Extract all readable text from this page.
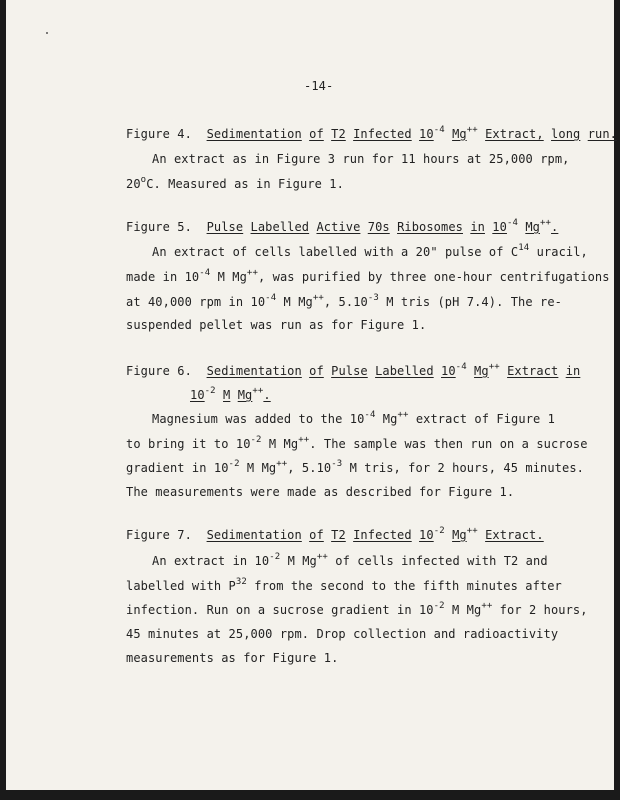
-14-
Figure 4. Sedimentation of T2 Infected $10^{-4}$ Mg++ Extract, long run.
An extract as in Figure 3 run for 11 hours at 25,000 rpm,
20$^o$C. Measured as in Figure 1.
Figure 5. Pulse Labelled Active 70s Ribosomes in $10^{-4}$ Mg++.
An extract of cells labelled with a 20" pulse of $C^{14}$ uracil,
made in $10^{-4}$ M Mg++, was purified by three one-hour centrifugations
at 40,000 rpm in $10^{-4}$ M Mg++, $5.10^{-3}$ M tris (pH 7.4). The re-
suspended pellet was run as for Figure 1.
Figure 6. Sedimentation of Pulse Labelled $10^{-4}$ Mg++ Extract in
$10^{-2}$ M Mg++.
Magnesium was added to the $10^{-4}$ Mg++ extract of Figure 1
to bring it to $10^{-2}$ M Mg++. The sample was then run on a sucrose
gradient in $10^{-2}$ M Mg++, $5.10^{-3}$ M tris, for 2 hours, 45 minutes.
The measurements were made as described for Figure 1.
Figure 7. Sedimentation of T2 Infected $10^{-2}$ Mg++ Extract.
An extract in $10^{-2}$ M Mg++ of cells infected with T2 and
labelled with $P^{32}$ from the second to the fifth minutes after
infection. Run on a sucrose gradient in $10^{-2}$ M Mg++ for 2 hours,
45 minutes at 25,000 rpm. Drop collection and radioactivity
measurements as for Figure 1.
